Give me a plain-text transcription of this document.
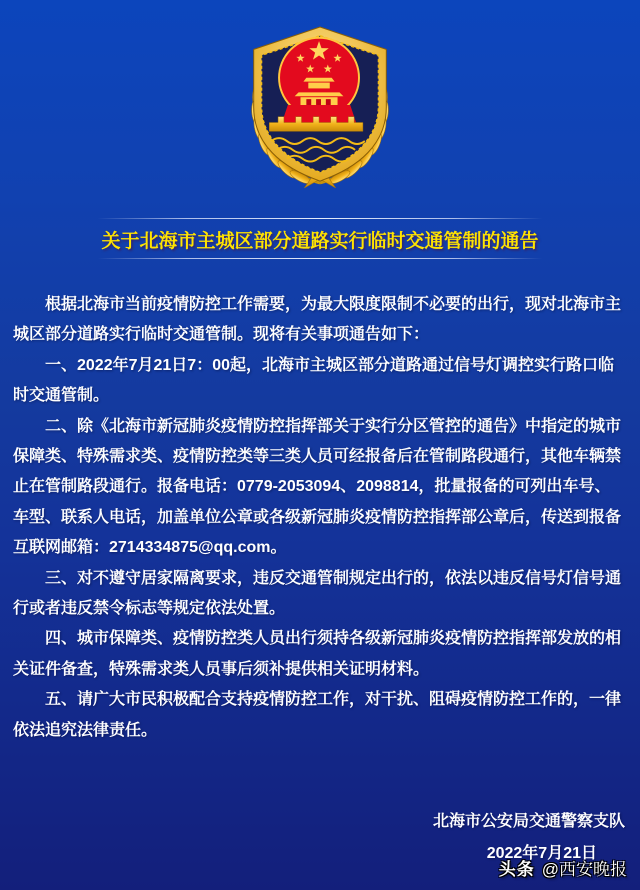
关于北海市主城区部分道路实行临时交通管制的通告

根据北海市当前疫情防控工作需要，为最大限度限制不必要的出行，现对北海市主城区部分道路实行临时交通管制。现将有关事项通告如下：

一、2022年7月21日7：00起，北海市主城区部分道路通过信号灯调控实行路口临时交通管制。

二、除《北海市新冠肺炎疫情防控指挥部关于实行分区管控的通告》中指定的城市保障类、特殊需求类、疫情防控类等三类人员可经报备后在管制路段通行，其他车辆禁止在管制路段通行。报备电话：0779-2053094、2098814，批量报备的可列出车号、车型、联系人电话，加盖单位公章或各级新冠肺炎疫情防控指挥部公章后，传送到报备互联网邮箱：2714334875@qq.com。

三、对不遵守居家隔离要求，违反交通管制规定出行的，依法以违反信号灯信号通行或者违反禁令标志等规定依法处置。

四、城市保障类、疫情防控类人员出行须持各级新冠肺炎疫情防控指挥部发放的相关证件备查，特殊需求类人员事后须补提供相关证明材料。

五、请广大市民积极配合支持疫情防控工作，对干扰、阻碍疫情防控工作的，一律依法追究法律责任。

北海市公安局交通警察支队
2022年7月21日
头条 @西安晚报
